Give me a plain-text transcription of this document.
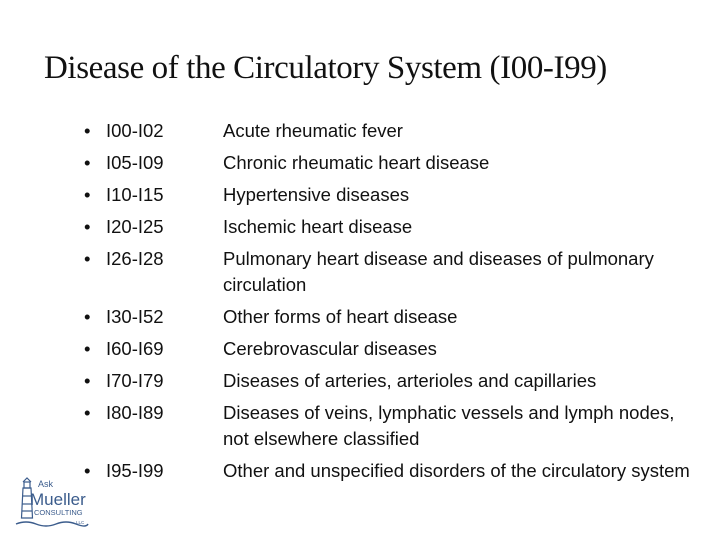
Disease of the Circulatory System (I00-I99)
• I00-I02
• I05-I09
• I10-I15
• I20-I25
• I26-I28
• I30-I52
• I60-I69
• I70-I79
• I80-I89
• I95-I99
Acute rheumatic fever
Chronic rheumatic heart disease
Hypertensive diseases
Ischemic heart disease
Pulmonary heart disease and diseases of pulmonary circulation
Other forms of heart disease
Cerebrovascular diseases
Diseases of arteries, arterioles and capillaries
Diseases of veins, lymphatic vessels and lymph nodes, not elsewhere classified
Other and unspecified disorders of the circulatory system
Ask
Mueller
CONSULTING
LLC
